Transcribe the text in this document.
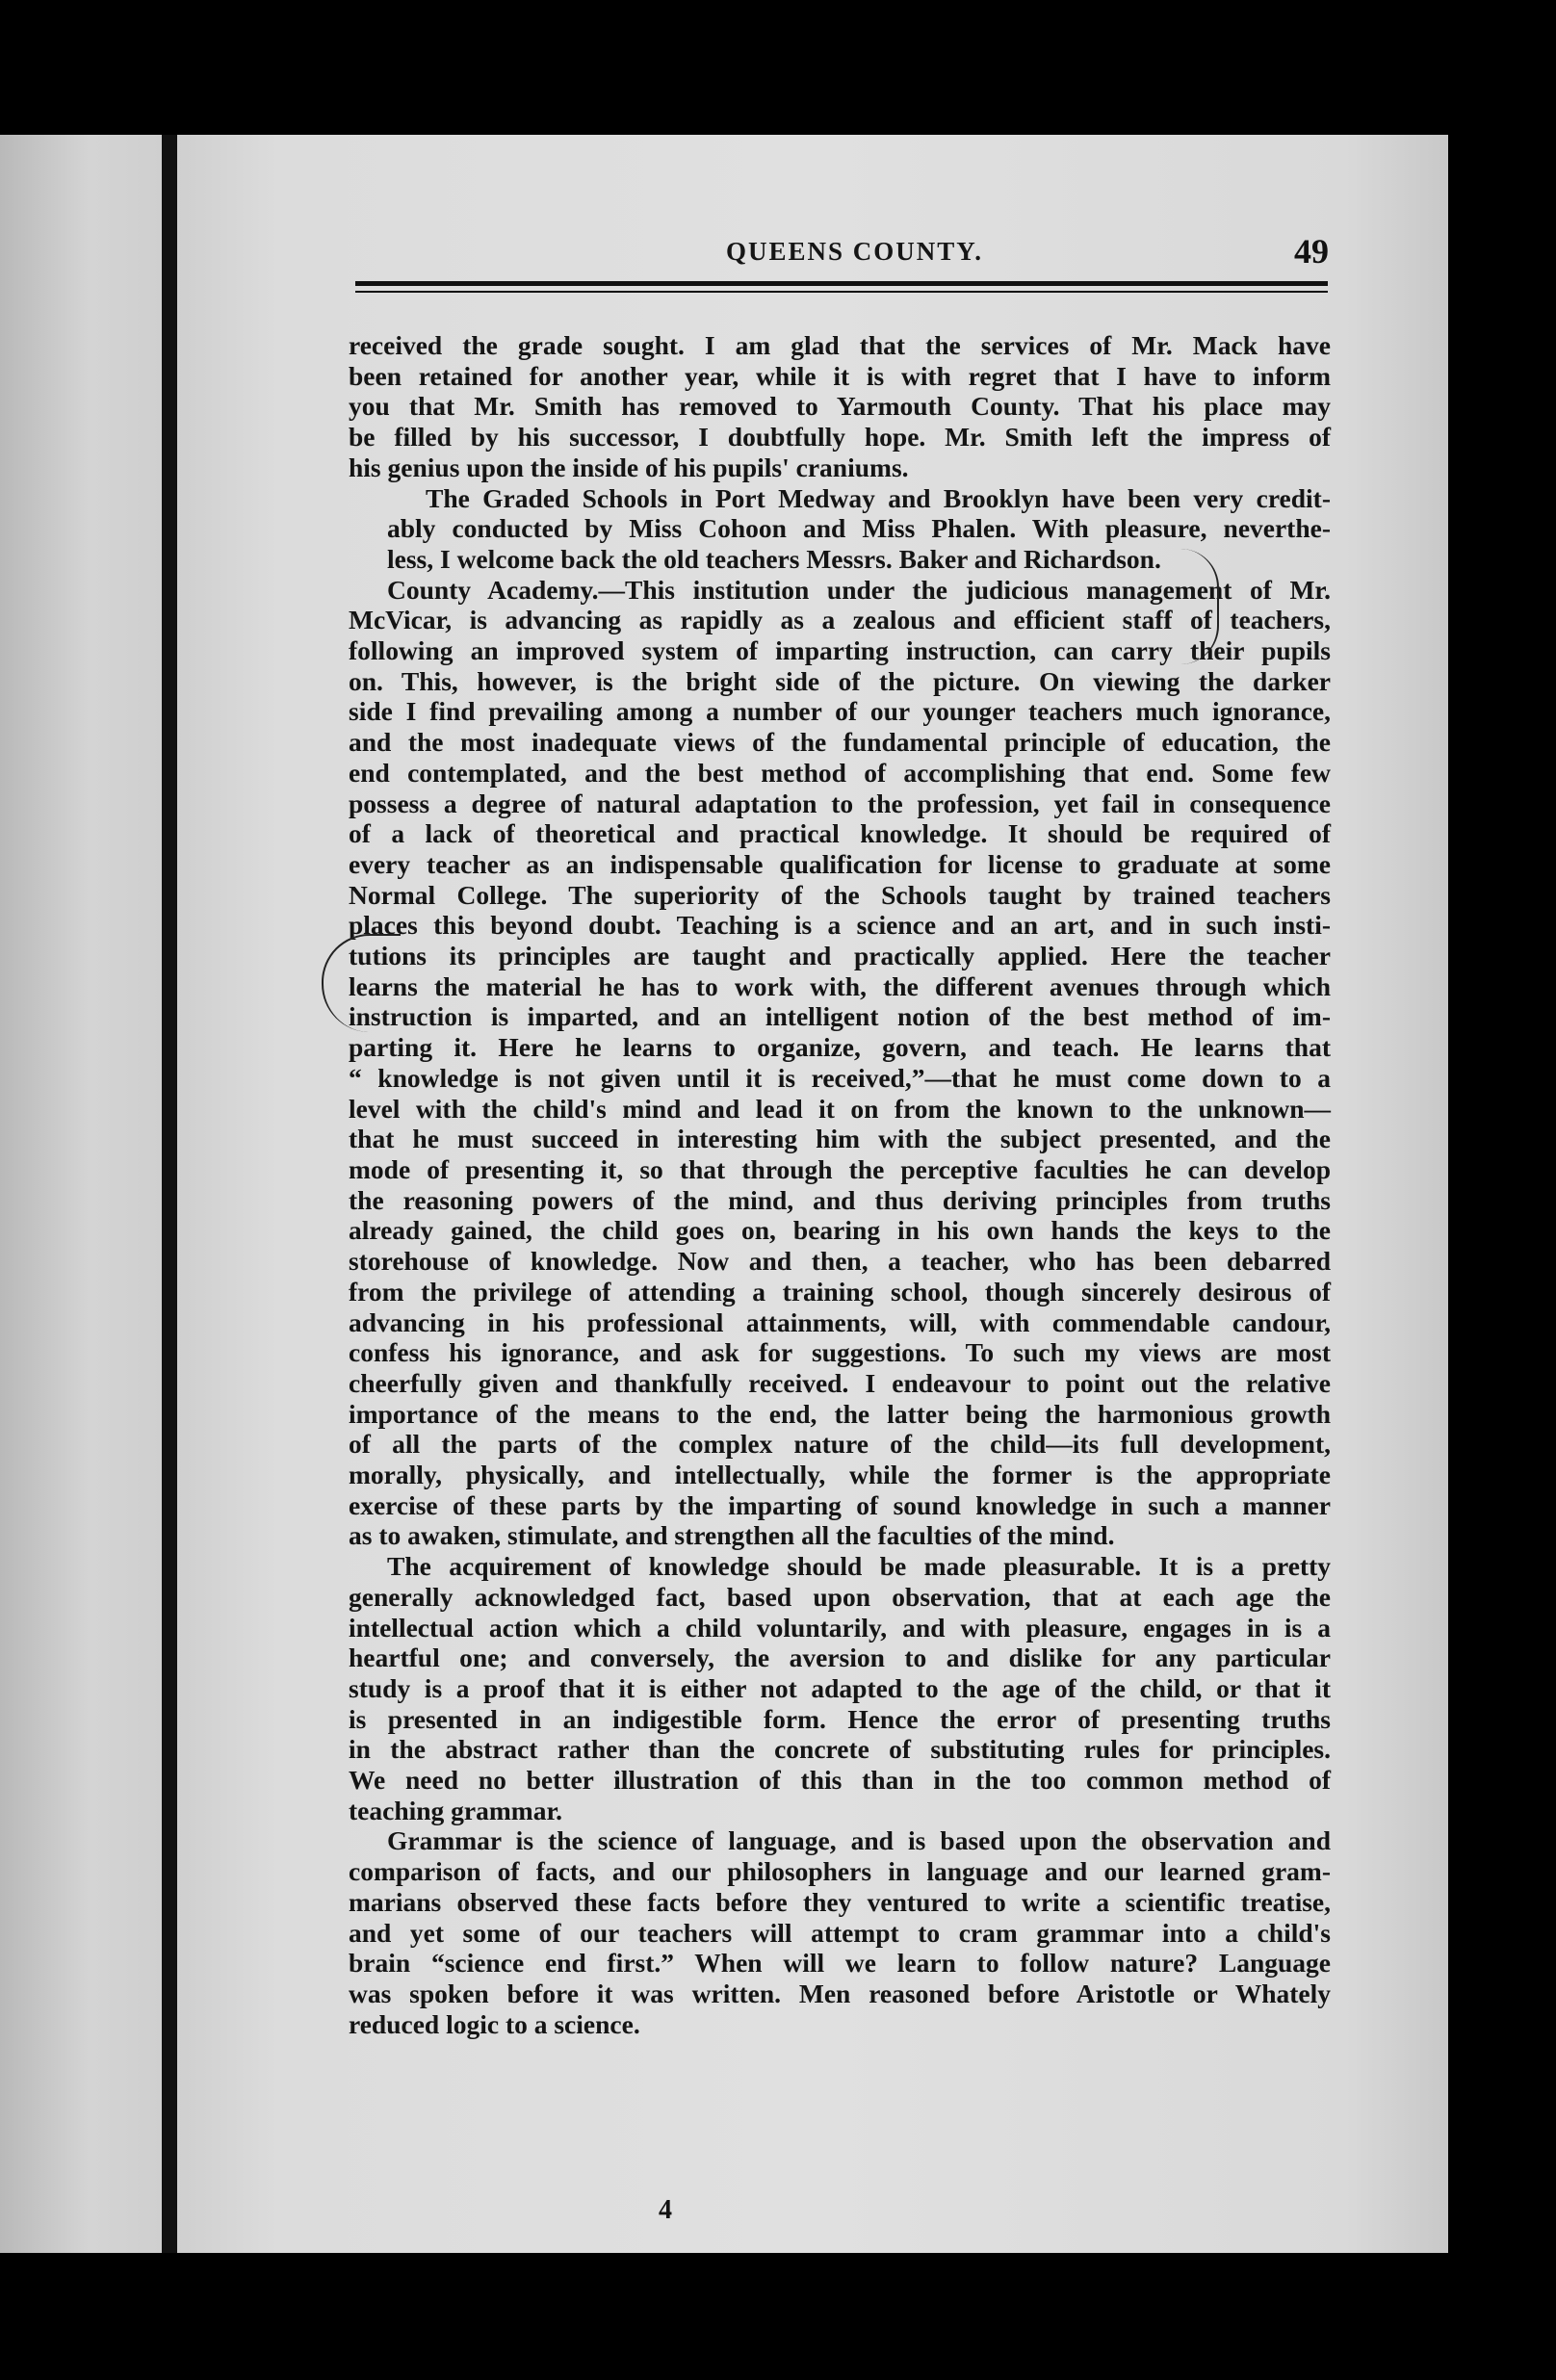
QUEENS COUNTY.	49

received the grade sought. I am glad that the services of Mr. Mack have
been retained for another year, while it is with regret that I have to inform
you that Mr. Smith has removed to Yarmouth County. That his place may
be filled by his successor, I doubtfully hope. Mr. Smith left the impress of
his genius upon the inside of his pupils' craniums.

The Graded Schools in Port Medway and Brooklyn have been very credit-
ably conducted by Miss Cohoon and Miss Phalen. With pleasure, neverthe-
less, I welcome back the old teachers Messrs. Baker and Richardson.

County Academy.—This institution under the judicious management of Mr.
McVicar, is advancing as rapidly as a zealous and efficient staff of teachers,
following an improved system of imparting instruction, can carry their pupils
on. This, however, is the bright side of the picture. On viewing the darker
side I find prevailing among a number of our younger teachers much ignorance,
and the most inadequate views of the fundamental principle of education, the
end contemplated, and the best method of accomplishing that end. Some few
possess a degree of natural adaptation to the profession, yet fail in consequence
of a lack of theoretical and practical knowledge. It should be required of
every teacher as an indispensable qualification for license to graduate at some
Normal College. The superiority of the Schools taught by trained teachers
places this beyond doubt. Teaching is a science and an art, and in such insti-
tutions its principles are taught and practically applied. Here the teacher
learns the material he has to work with, the different avenues through which
instruction is imparted, and an intelligent notion of the best method of im-
parting it. Here he learns to organize, govern, and teach. He learns that
“ knowledge is not given until it is received,”—that he must come down to a
level with the child's mind and lead it on from the known to the unknown—
that he must succeed in interesting him with the subject presented, and the
mode of presenting it, so that through the perceptive faculties he can develop
the reasoning powers of the mind, and thus deriving principles from truths
already gained, the child goes on, bearing in his own hands the keys to the
storehouse of knowledge. Now and then, a teacher, who has been debarred
from the privilege of attending a training school, though sincerely desirous of
advancing in his professional attainments, will, with commendable candour,
confess his ignorance, and ask for suggestions. To such my views are most
cheerfully given and thankfully received. I endeavour to point out the relative
importance of the means to the end, the latter being the harmonious growth
of all the parts of the complex nature of the child—its full development,
morally, physically, and intellectually, while the former is the appropriate
exercise of these parts by the imparting of sound knowledge in such a manner
as to awaken, stimulate, and strengthen all the faculties of the mind.

The acquirement of knowledge should be made pleasurable. It is a pretty
generally acknowledged fact, based upon observation, that at each age the
intellectual action which a child voluntarily, and with pleasure, engages in is a
heartful one; and conversely, the aversion to and dislike for any particular
study is a proof that it is either not adapted to the age of the child, or that it
is presented in an indigestible form. Hence the error of presenting truths
in the abstract rather than the concrete of substituting rules for principles.
We need no better illustration of this than in the too common method of
teaching grammar.

Grammar is the science of language, and is based upon the observation and
comparison of facts, and our philosophers in language and our learned gram-
marians observed these facts before they ventured to write a scientific treatise,
and yet some of our teachers will attempt to cram grammar into a child's
brain “science end first.” When will we learn to follow nature? Language
was spoken before it was written. Men reasoned before Aristotle or Whately
reduced logic to a science.

4
